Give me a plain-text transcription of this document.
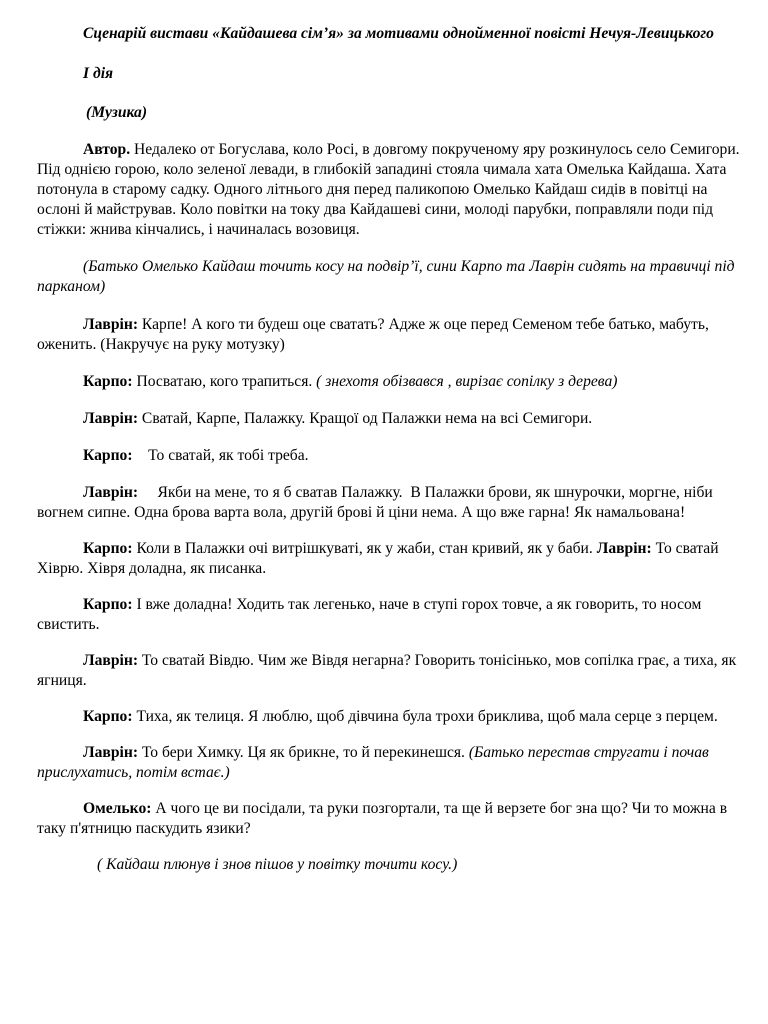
Сценарій вистави «Кайдашева сім’я» за мотивами однойменної повісті Нечуя-Левицького

І дія

(Музика)

Автор. Недалеко от Богуслава, коло Росі, в довгому покрученому яру розкинулось село Семигори. Під однією горою, коло зеленої левади, в глибокій западині стояла чимала хата Омелька Кайдаша. Хата потонула в старому садку. Одного літнього дня перед паликопою Омелько Кайдаш сидів в повітці на ослоні й майстрував. Коло повітки на току два Кайдашеві сини, молоді парубки, поправляли поди під стіжки: жнива кінчались, і начиналась возовиця.

(Батько Омелько Кайдаш точить косу на подвір’ї, сини Карпо та Лаврін сидять на травичці під парканом)

Лаврін: Карпе! А кого ти будеш оце сватать? Адже ж оце перед Семеном тебе батько, мабуть, оженить. (Накручує на руку мотузку)

Карпо: Посватаю, кого трапиться. ( знехотя обізвався , вирізає сопілку з дерева)

Лаврін: Сватай, Карпе, Палажку. Кращої од Палажки нема на всі Семигори.

Карпо:    То сватай, як тобі треба.

Лаврін:     Якби на мене, то я б сватав Палажку.  В Палажки брови, як шнурочки, моргне, ніби вогнем сипне. Одна брова варта вола, другій брові й ціни нема. А що вже гарна! Як намальована!

Карпо: Коли в Палажки очі витрішкуваті, як у жаби, стан кривий, як у баби. Лаврін: То сватай Хіврю. Хівря доладна, як писанка.

Карпо: І вже доладна! Ходить так легенько, наче в ступі горох товче, а як говорить, то носом свистить.

Лаврін: То сватай Вівдю. Чим же Вівдя негарна? Говорить тонісінько, мов сопілка грає, а тиха, як ягниця.

Карпо: Тиха, як телиця. Я люблю, щоб дівчина була трохи бриклива, щоб мала серце з перцем.

Лаврін: То бери Химку. Ця як брикне, то й перекинешся. (Батько перестав стругати і почав прислухатись, потім встає.)

Омелько: А чого це ви посідали, та руки позгортали, та ще й верзете бог зна що? Чи то можна в таку п'ятницю паскудить язики?

( Кайдаш плюнув і знов пішов у повітку точити косу.)
